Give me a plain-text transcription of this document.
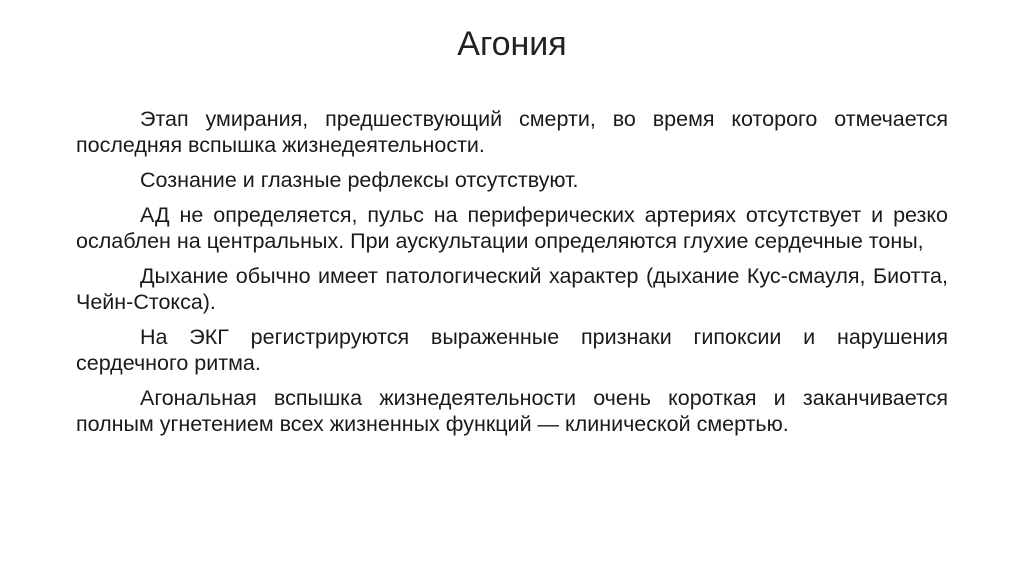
Агония

Этап умирания, предшествующий смерти, во время которого отмечается последняя вспышка жизнедеятельности.

Сознание и глазные рефлексы отсутствуют.

АД не определяется, пульс на периферических артериях отсутствует и резко ослаблен на центральных. При аускультации определяются глухие сердечные тоны,

Дыхание обычно имеет патологический характер (дыхание Кус-смауля, Биотта, Чейн-Стокса).

На ЭКГ регистрируются выраженные признаки гипоксии и нарушения сердечного ритма.

Агональная вспышка жизнедеятельности очень короткая и заканчивается полным угнетением всех жизненных функций — клинической смертью.
